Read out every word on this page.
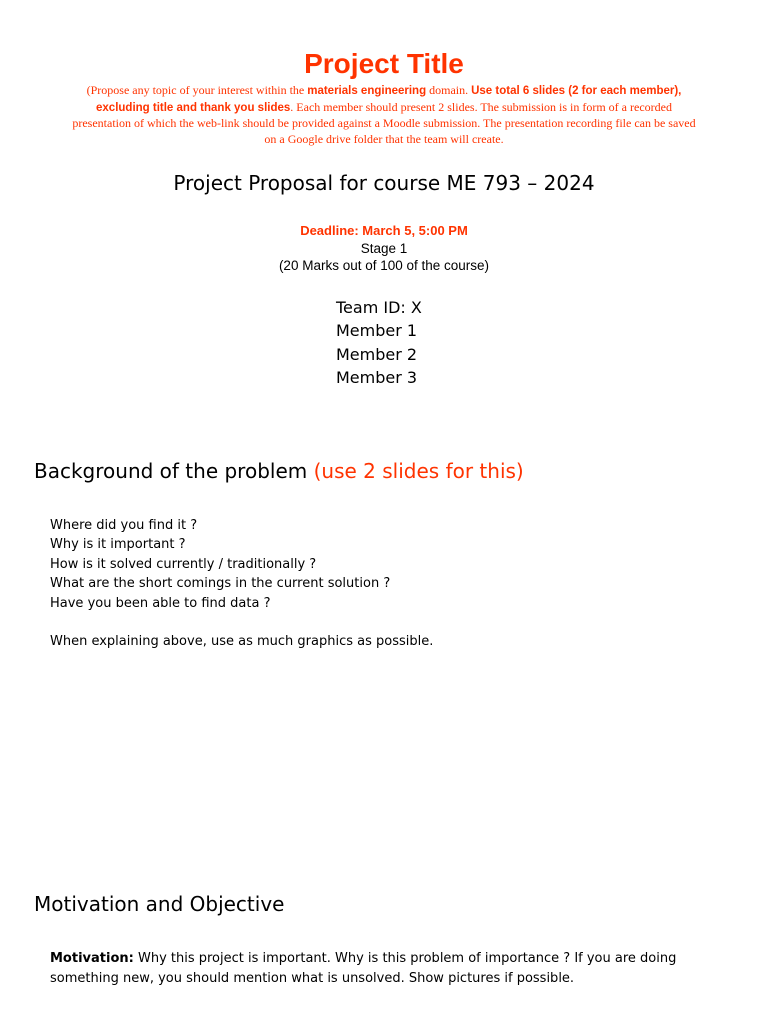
Project Title
(Propose any topic of your interest within the materials engineering domain. Use total 6 slides (2 for each member), excluding title and thank you slides. Each member should present 2 slides. The submission is in form of a recorded presentation of which the web-link should be provided against a Moodle submission. The presentation recording file can be saved on a Google drive folder that the team will create.
Project Proposal for course ME 793 – 2024
Deadline: March 5, 5:00 PM
Stage 1
(20 Marks out of 100 of the course)
Team ID: X
Member 1
Member 2
Member 3
Background of the problem (use 2 slides for this)
Where did you find it ?
Why is it important ?
How is it solved currently / traditionally ?
What are the short comings in the current solution ?
Have you been able to find data ?
When explaining above, use as much graphics as possible.
Motivation and Objective
Motivation: Why this project is important. Why is this problem of importance ? If you are doing something new, you should mention what is unsolved. Show pictures if possible.
